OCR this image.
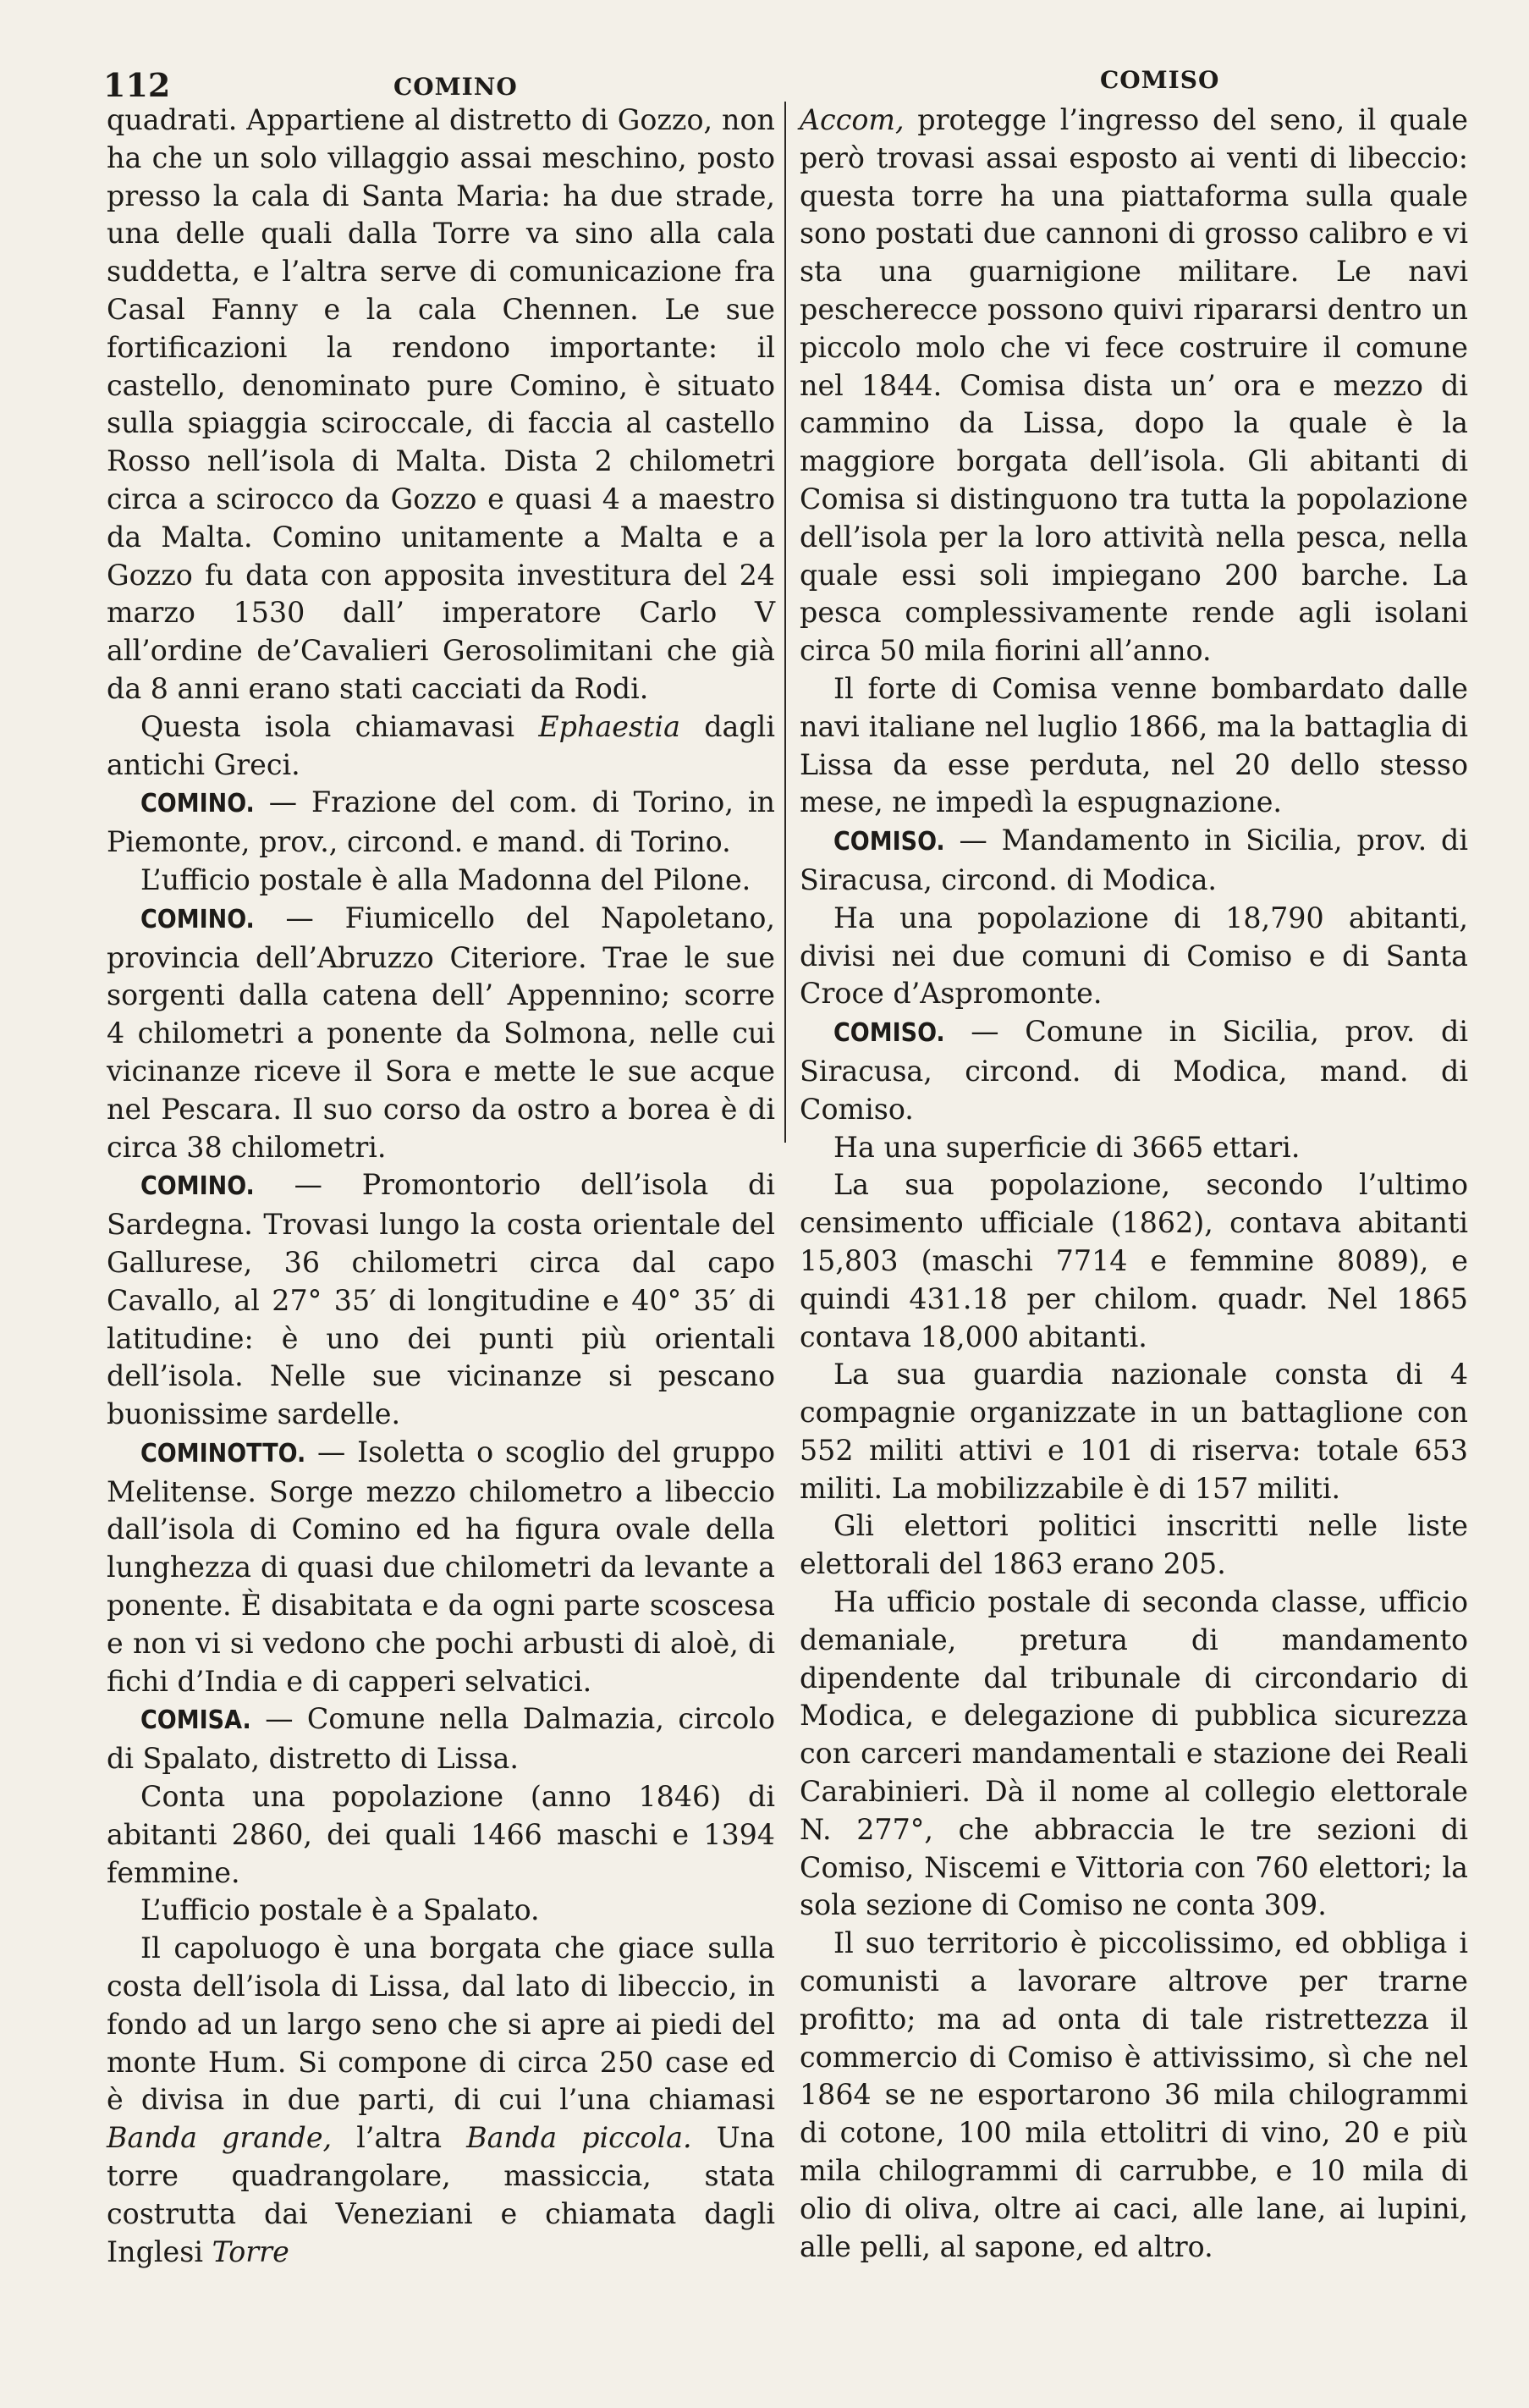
112	COMINO	COMISO

quadrati. Appartiene al distretto di Gozzo, non ha che un solo villaggio assai meschino, posto presso la cala di Santa Maria: ha due strade, una delle quali dalla Torre va sino alla cala suddetta, e l’altra serve di comunicazione fra Casal Fanny e la cala Chennen. Le sue fortificazioni la rendono importante: il castello, denominato pure Comino, è situato sulla spiaggia sciroccale, di faccia al castello Rosso nell’isola di Malta. Dista 2 chilometri circa a scirocco da Gozzo e quasi 4 a maestro da Malta. Comino unitamente a Malta e a Gozzo fu data con apposita investitura del 24 marzo 1530 dall’ imperatore Carlo V all’ordine de’Cavalieri Gerosolimitani che già da 8 anni erano stati cacciati da Rodi.

Questa isola chiamavasi Ephaestia dagli antichi Greci.

COMINO. — Frazione del com. di Torino, in Piemonte, prov., circond. e mand. di Torino.

L’ufficio postale è alla Madonna del Pilone.

COMINO. — Fiumicello del Napoletano, provincia dell’Abruzzo Citeriore. Trae le sue sorgenti dalla catena dell’ Appennino; scorre 4 chilometri a ponente da Solmona, nelle cui vicinanze riceve il Sora e mette le sue acque nel Pescara. Il suo corso da ostro a borea è di circa 38 chilometri.

COMINO. — Promontorio dell’isola di Sardegna. Trovasi lungo la costa orientale del Gallurese, 36 chilometri circa dal capo Cavallo, al 27° 35′ di longitudine e 40° 35′ di latitudine: è uno dei punti più orientali dell’isola. Nelle sue vicinanze si pescano buonissime sardelle.

COMINOTTO. — Isoletta o scoglio del gruppo Melitense. Sorge mezzo chilometro a libeccio dall’isola di Comino ed ha figura ovale della lunghezza di quasi due chilometri da levante a ponente. È disabitata e da ogni parte scoscesa e non vi si vedono che pochi arbusti di aloè, di fichi d’India e di capperi selvatici.

COMISA. — Comune nella Dalmazia, circolo di Spalato, distretto di Lissa.

Conta una popolazione (anno 1846) di abitanti 2860, dei quali 1466 maschi e 1394 femmine.

L’ufficio postale è a Spalato.

Il capoluogo è una borgata che giace sulla costa dell’isola di Lissa, dal lato di libeccio, in fondo ad un largo seno che si apre ai piedi del monte Hum. Si compone di circa 250 case ed è divisa in due parti, di cui l’una chiamasi Banda grande, l’altra Banda piccola. Una torre quadrangolare, massiccia, stata costrutta dai Veneziani e chiamata dagli Inglesi Torre

Accom, protegge l’ingresso del seno, il quale però trovasi assai esposto ai venti di libeccio: questa torre ha una piattaforma sulla quale sono postati due cannoni di grosso calibro e vi sta una guarnigione militare. Le navi pescherecce possono quivi ripararsi dentro un piccolo molo che vi fece costruire il comune nel 1844. Comisa dista un’ ora e mezzo di cammino da Lissa, dopo la quale è la maggiore borgata dell’isola. Gli abitanti di Comisa si distinguono tra tutta la popolazione dell’isola per la loro attività nella pesca, nella quale essi soli impiegano 200 barche. La pesca complessivamente rende agli isolani circa 50 mila fiorini all’anno.

Il forte di Comisa venne bombardato dalle navi italiane nel luglio 1866, ma la battaglia di Lissa da esse perduta, nel 20 dello stesso mese, ne impedì la espugnazione.

COMISO. — Mandamento in Sicilia, prov. di Siracusa, circond. di Modica.

Ha una popolazione di 18,790 abitanti, divisi nei due comuni di Comiso e di Santa Croce d’Aspromonte.

COMISO. — Comune in Sicilia, prov. di Siracusa, circond. di Modica, mand. di Comiso.

Ha una superficie di 3665 ettari.

La sua popolazione, secondo l’ultimo censimento ufficiale (1862), contava abitanti 15,803 (maschi 7714 e femmine 8089), e quindi 431.18 per chilom. quadr. Nel 1865 contava 18,000 abitanti.

La sua guardia nazionale consta di 4 compagnie organizzate in un battaglione con 552 militi attivi e 101 di riserva: totale 653 militi. La mobilizzabile è di 157 militi.

Gli elettori politici inscritti nelle liste elettorali del 1863 erano 205.

Ha ufficio postale di seconda classe, ufficio demaniale, pretura di mandamento dipendente dal tribunale di circondario di Modica, e delegazione di pubblica sicurezza con carceri mandamentali e stazione dei Reali Carabinieri. Dà il nome al collegio elettorale N. 277°, che abbraccia le tre sezioni di Comiso, Niscemi e Vittoria con 760 elettori; la sola sezione di Comiso ne conta 309.

Il suo territorio è piccolissimo, ed obbliga i comunisti a lavorare altrove per trarne profitto; ma ad onta di tale ristrettezza il commercio di Comiso è attivissimo, sì che nel 1864 se ne esportarono 36 mila chilogrammi di cotone, 100 mila ettolitri di vino, 20 e più mila chilogrammi di carrubbe, e 10 mila di olio di oliva, oltre ai caci, alle lane, ai lupini, alle pelli, al sapone, ed altro.
